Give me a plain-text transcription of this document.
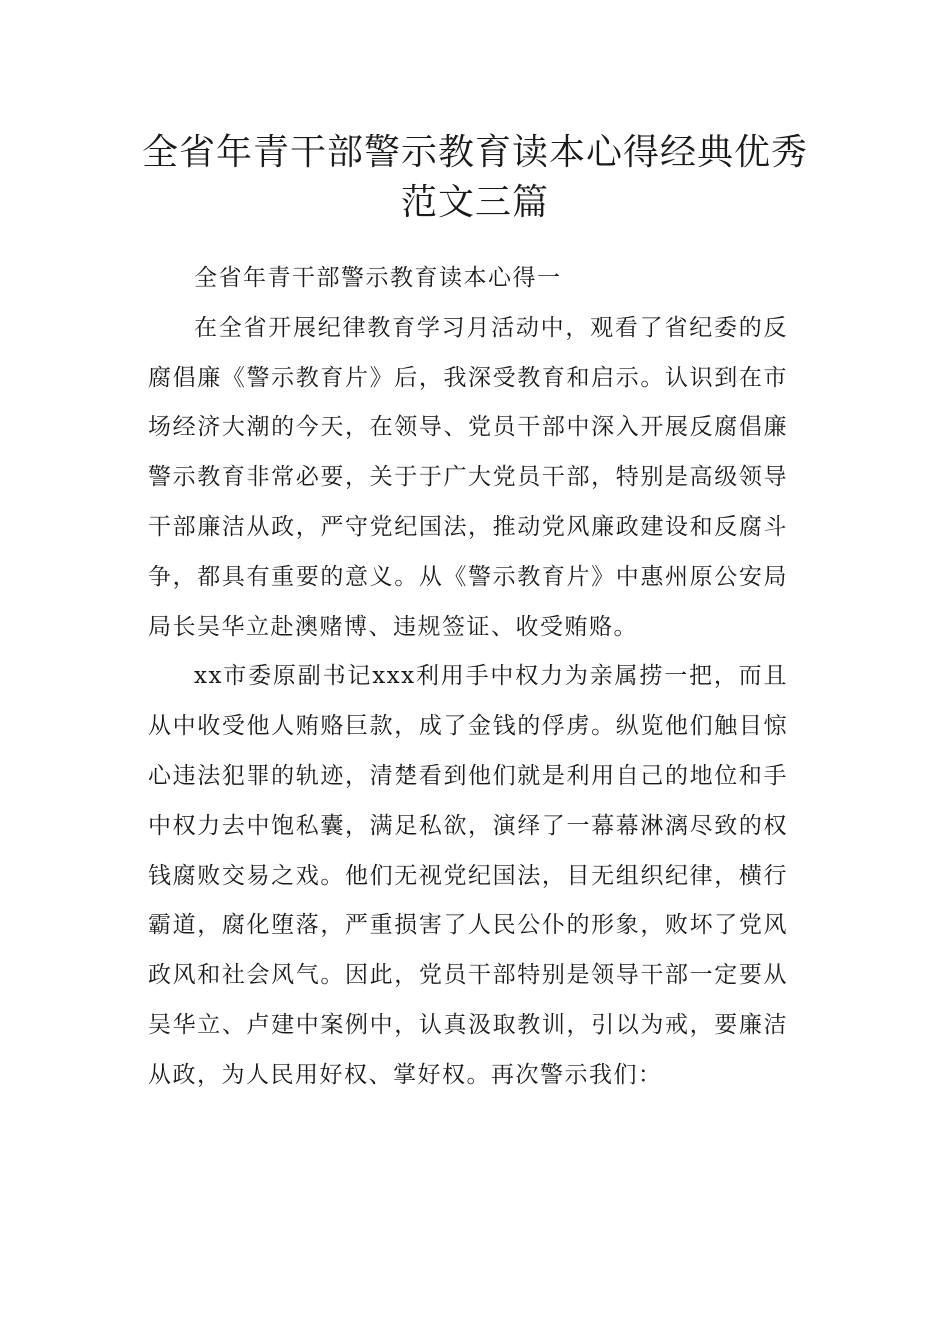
全省年青干部警示教育读本心得经典优秀
范文三篇

全省年青干部警示教育读本心得一

在全省开展纪律教育学习月活动中，观看了省纪委的反腐倡廉《警示教育片》后，我深受教育和启示。认识到在市场经济大潮的今天，在领导、党员干部中深入开展反腐倡廉警示教育非常必要，关于于广大党员干部，特别是高级领导干部廉洁从政，严守党纪国法，推动党风廉政建设和反腐斗争，都具有重要的意义。从《警示教育片》中惠州原公安局局长吴华立赴澳赌博、违规签证、收受贿赂。

xx市委原副书记xxx利用手中权力为亲属捞一把，而且从中收受他人贿赂巨款，成了金钱的俘虏。纵览他们触目惊心违法犯罪的轨迹，清楚看到他们就是利用自己的地位和手中权力去中饱私囊，满足私欲，演绎了一幕幕淋漓尽致的权钱腐败交易之戏。他们无视党纪国法，目无组织纪律，横行霸道，腐化堕落，严重损害了人民公仆的形象，败坏了党风政风和社会风气。因此，党员干部特别是领导干部一定要从吴华立、卢建中案例中，认真汲取教训，引以为戒，要廉洁从政，为人民用好权、掌好权。再次警示我们：
